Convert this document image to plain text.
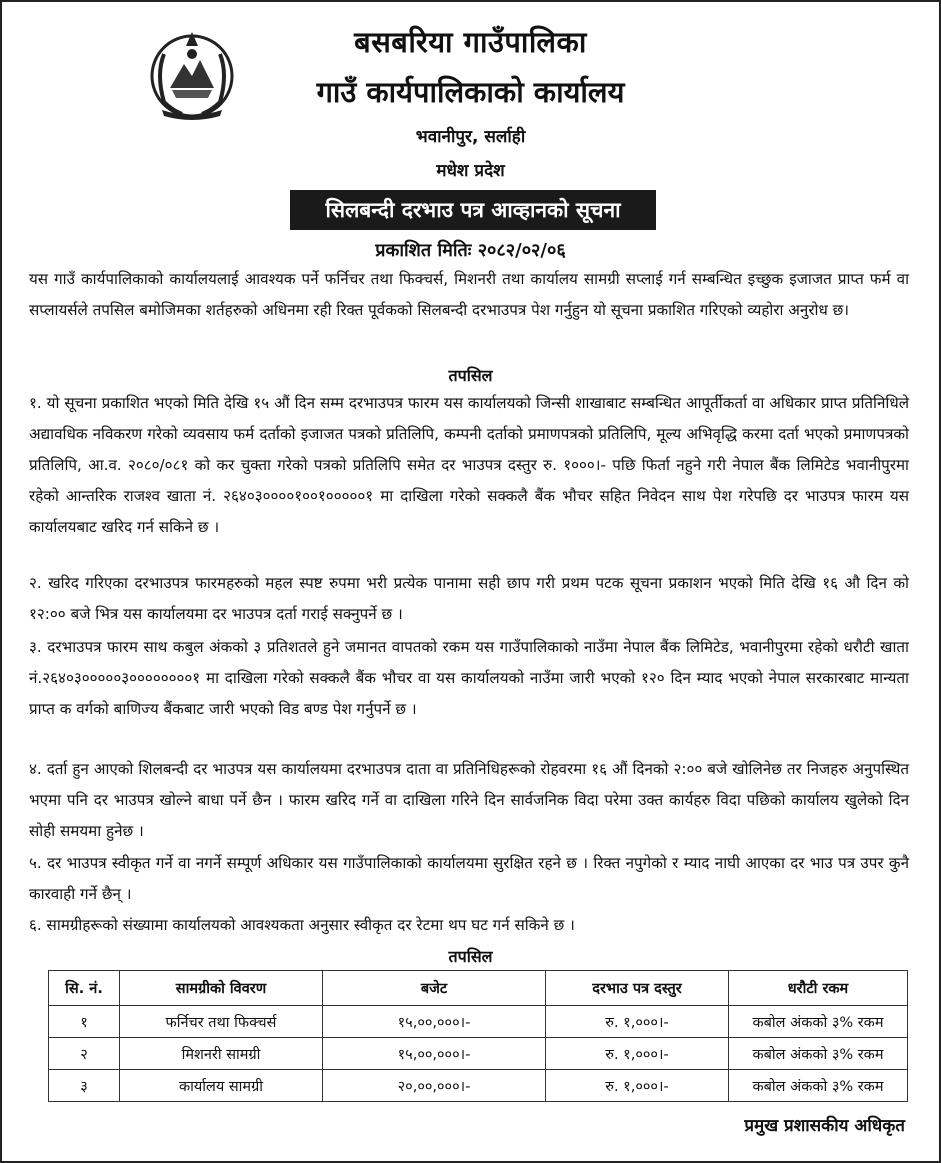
बसबरिया गाउँपालिका
गाउँ कार्यपालिकाको कार्यालय
भवानीपुर, सर्लाही
मधेश प्रदेश
सिलबन्दी दरभाउ पत्र आव्हानको सूचना
प्रकाशित मितिः २०८२/०२/०६
यस गाउँ कार्यपालिकाको कार्यालयलाई आवश्यक पर्ने फर्निचर तथा फिक्चर्स, मिशनरी तथा कार्यालय सामग्री सप्लाई गर्न सम्बन्धित इच्छुक इजाजत प्राप्त फर्म वा सप्लायर्सले तपसिल बमोजिमका शर्तहरुको अधिनमा रही रिक्त पूर्वकको सिलबन्दी दरभाउपत्र पेश गर्नुहुन यो सूचना प्रकाशित गरिएको व्यहोरा अनुरोध छ।
तपसिल
१. यो सूचना प्रकाशित भएको मिति देखि १५ औं दिन सम्म दरभाउपत्र फारम यस कार्यालयको जिन्सी शाखाबाट सम्बन्धित आपूर्तीकर्ता वा अधिकार प्राप्त प्रतिनिधिले अद्यावधिक नविकरण गरेको व्यवसाय फर्म दर्ताको इजाजत पत्रको प्रतिलिपि, कम्पनी दर्ताको प्रमाणपत्रको प्रतिलिपि, मूल्य अभिवृद्धि करमा दर्ता भएको प्रमाणपत्रको प्रतिलिपि, आ.व. २०८०/०८१ को कर चुक्ता गरेको पत्रको प्रतिलिपि समेत दर भाउपत्र दस्तुर रु. १०००।- पछि फिर्ता नहुने गरी नेपाल बैंक लिमिटेड भवानीपुरमा रहेको आन्तरिक राजश्व खाता नं. २६४०३००००१००१०००००१ मा दाखिला गरेको सक्कलै बैंक भौचर सहित निवेदन साथ पेश गरेपछि दर भाउपत्र फारम यस कार्यालयबाट खरिद गर्न सकिने छ ।
२. खरिद गरिएका दरभाउपत्र फारमहरुको महल स्पष्ट रुपमा भरी प्रत्येक पानामा सही छाप गरी प्रथम पटक सूचना प्रकाशन भएको मिति देखि १६ औ दिन को १२:०० बजे भित्र यस कार्यालयमा दर भाउपत्र दर्ता गराई सक्नुपर्ने छ ।
३. दरभाउपत्र फारम साथ कबुल अंकको ३ प्रतिशतले हुने जमानत वापतको रकम यस गाउँपालिकाको नाउँमा नेपाल बैंक लिमिटेड, भवानीपुरमा रहेको धरौटी खाता नं.२६४०३०००००३००००००००१ मा दाखिला गरेको सक्कलै बैंक भौचर वा यस कार्यालयको नाउँमा जारी भएको १२० दिन म्याद भएको नेपाल सरकारबाट मान्यता प्राप्त क वर्गको बाणिज्य बैंकबाट जारी भएको विड बण्ड पेश गर्नुपर्ने छ ।
४. दर्ता हुन आएको शिलबन्दी दर भाउपत्र यस कार्यालयमा दरभाउपत्र दाता वा प्रतिनिधिहरूको रोहवरमा १६ औं दिनको २:०० बजे खोलिनेछ तर निजहरु अनुपस्थित भएमा पनि दर भाउपत्र खोल्ने बाधा पर्ने छैन । फारम खरिद गर्ने वा दाखिला गरिने दिन सार्वजनिक विदा परेमा उक्त कार्यहरु विदा पछिको कार्यालय खुलेको दिन सोही समयमा हुनेछ ।
५. दर भाउपत्र स्वीकृत गर्ने वा नगर्ने सम्पूर्ण अधिकार यस गाउँपालिकाको कार्यालयमा सुरक्षित रहने छ । रिक्त नपुगेको र म्याद नाघी आएका दर भाउ पत्र उपर कुनै कारवाही गर्ने छैन् ।
६. सामग्रीहरूको संख्यामा कार्यालयको आवश्यकता अनुसार स्वीकृत दर रेटमा थप घट गर्न सकिने छ ।
तपसिल
सि. नं.	सामग्रीको विवरण	बजेट	दरभाउ पत्र दस्तुर	धरौटी रकम
१	फर्निचर तथा फिक्चर्स	१५,००,०००।-	रु. १,०००।-	कबोल अंकको ३% रकम
२	मिशनरी सामग्री	१५,००,०००।-	रु. १,०००।-	कबोल अंकको ३% रकम
३	कार्यालय सामग्री	२०,००,०००।-	रु. १,०००।-	कबोल अंकको ३% रकम
प्रमुख प्रशासकीय अधिकृत
